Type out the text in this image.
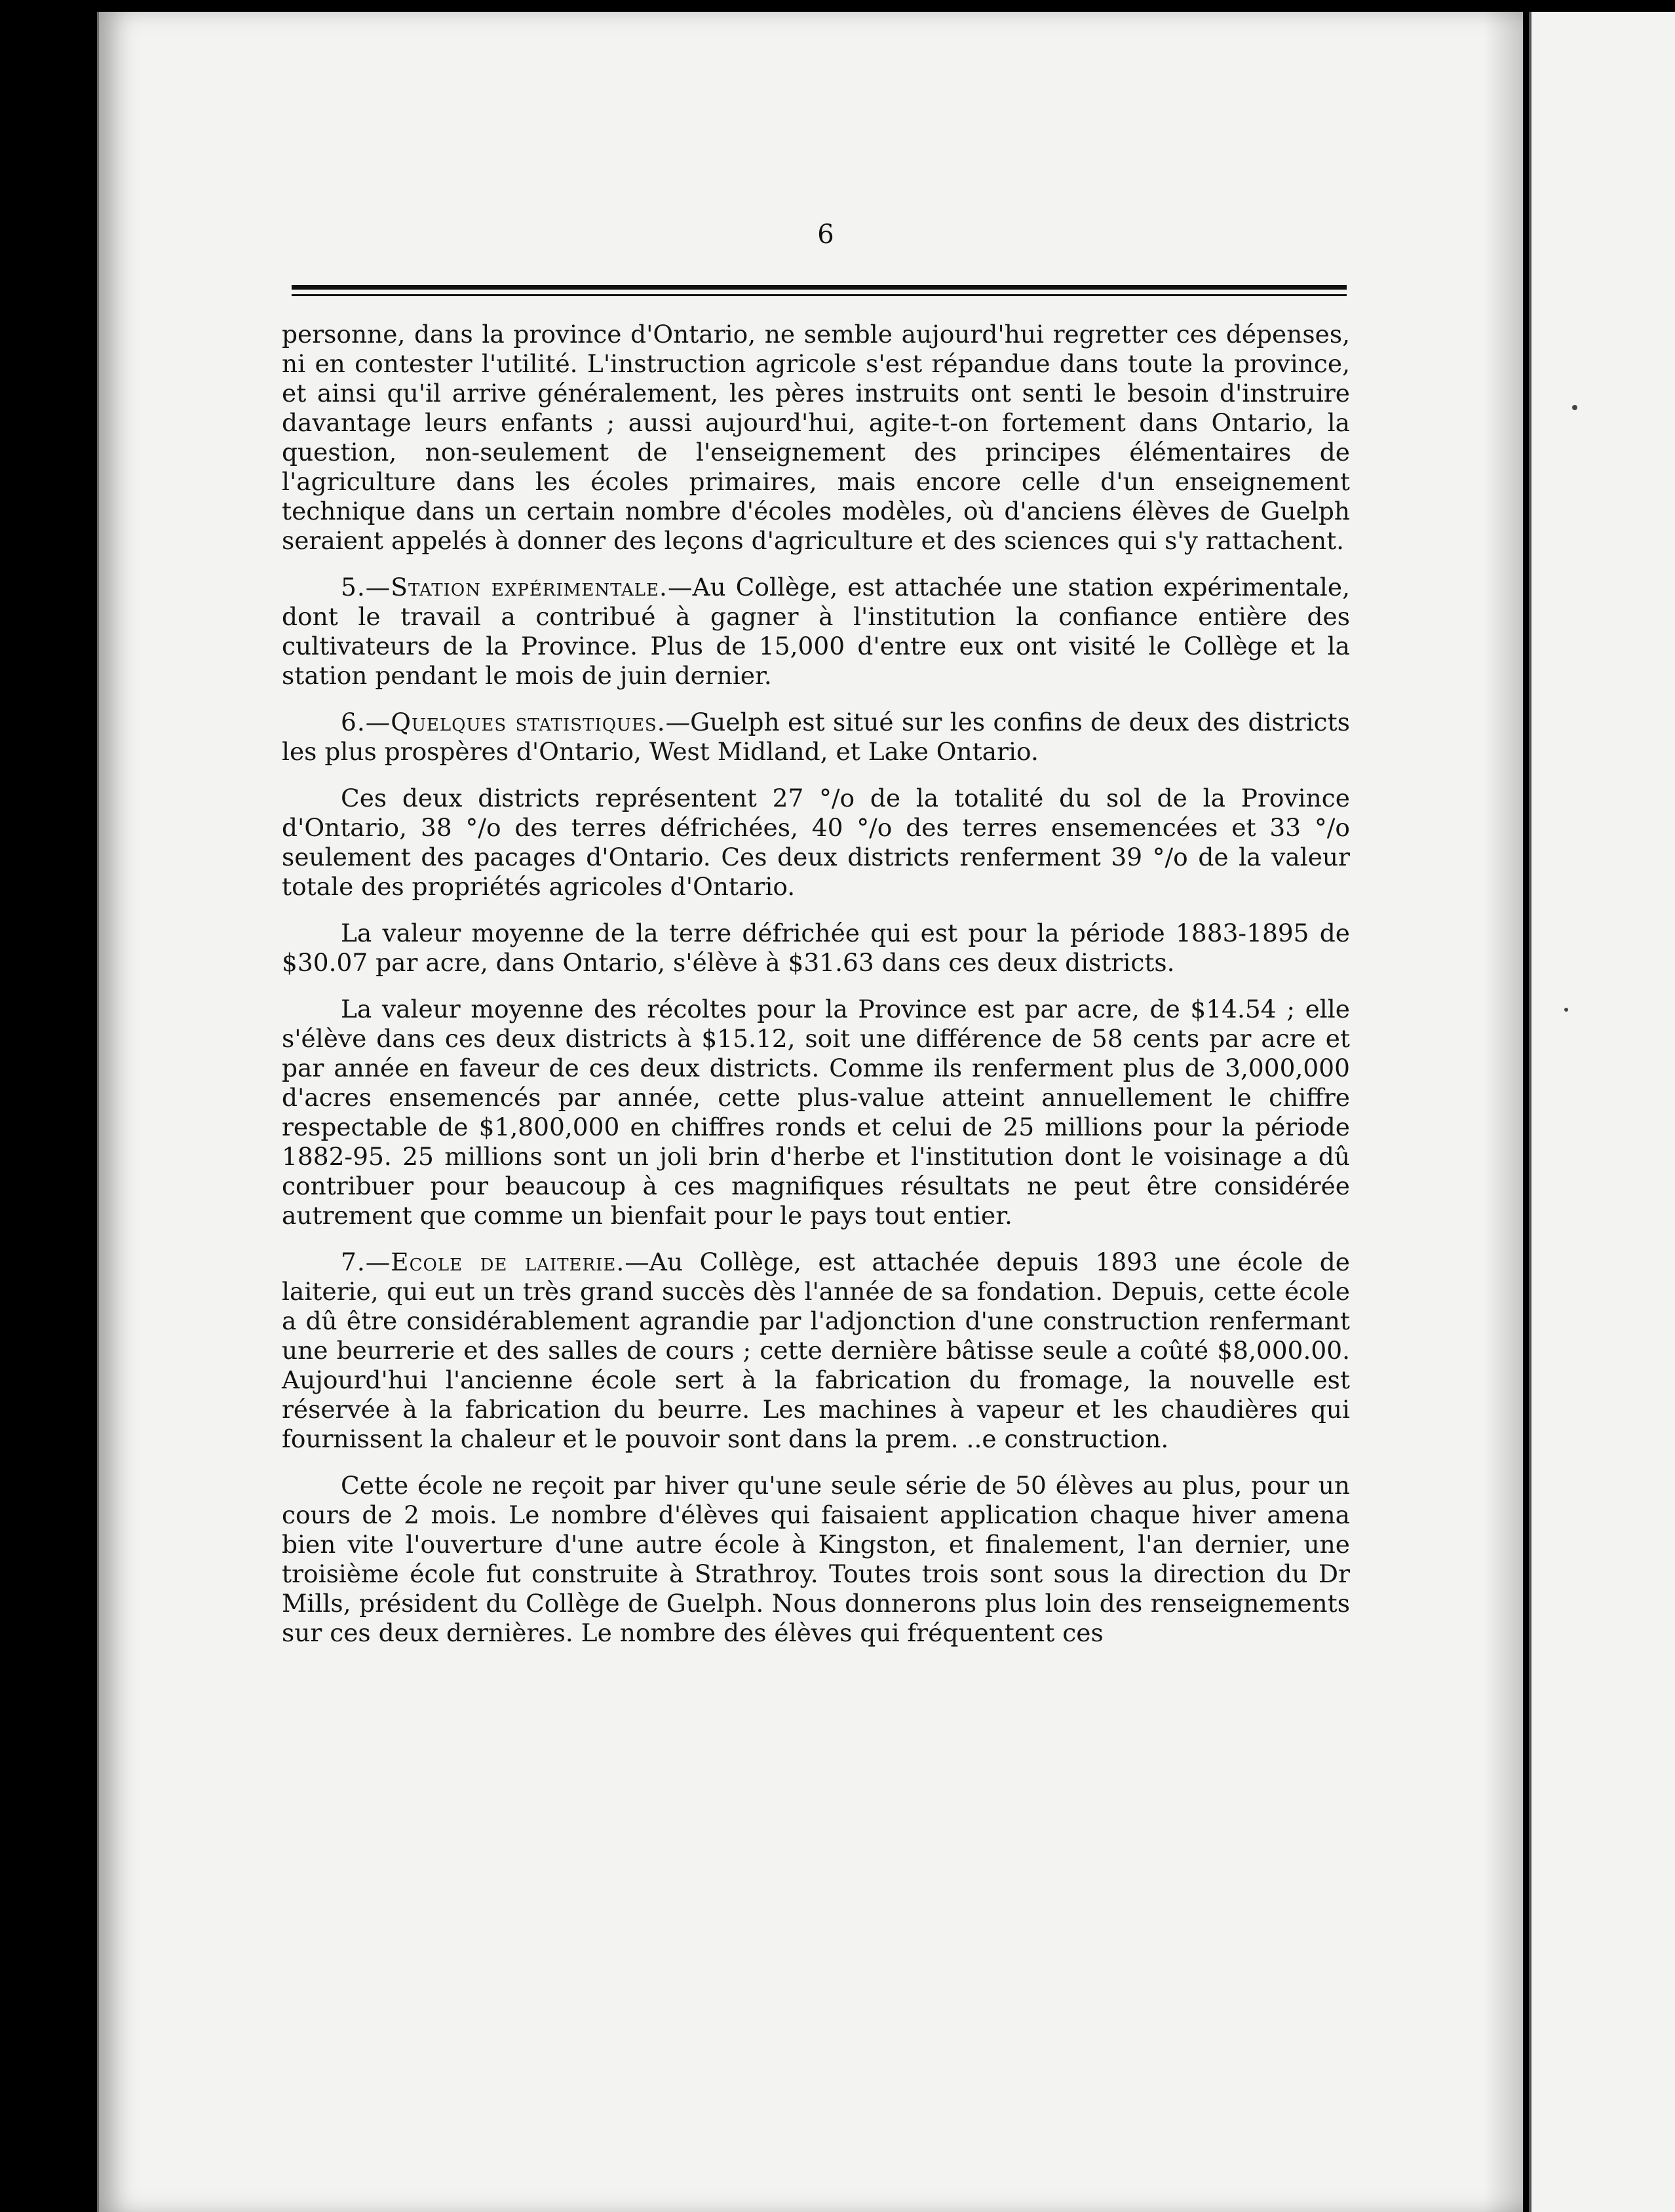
6

personne, dans la province d'Ontario, ne semble aujourd'hui regretter ces dépenses, ni en contester l'utilité. L'instruction agricole s'est répandue dans toute la province, et ainsi qu'il arrive généralement, les pères instruits ont senti le besoin d'instruire davantage leurs enfants ; aussi aujourd'hui, agite-t-on fortement dans Ontario, la question, non-seulement de l'enseignement des principes élémentaires de l'agriculture dans les écoles primaires, mais encore celle d'un enseignement technique dans un certain nombre d'écoles modèles, où d'anciens élèves de Guelph seraient appelés à donner des leçons d'agriculture et des sciences qui s'y rattachent.

5.—Station expérimentale.—Au Collège, est attachée une station expérimentale, dont le travail a contribué à gagner à l'institution la confiance entière des cultivateurs de la Province. Plus de 15,000 d'entre eux ont visité le Collège et la station pendant le mois de juin dernier.

6.—Quelques statistiques.—Guelph est situé sur les confins de deux des districts les plus prospères d'Ontario, West Midland, et Lake Ontario.

Ces deux districts représentent 27 °/o de la totalité du sol de la Province d'Ontario, 38 °/o des terres défrichées, 40 °/o des terres ensemencées et 33 °/o seulement des pacages d'Ontario. Ces deux districts renferment 39 °/o de la valeur totale des propriétés agricoles d'Ontario.

La valeur moyenne de la terre défrichée qui est pour la période 1883-1895 de $30.07 par acre, dans Ontario, s'élève à $31.63 dans ces deux districts.

La valeur moyenne des récoltes pour la Province est par acre, de $14.54 ; elle s'élève dans ces deux districts à $15.12, soit une différence de 58 cents par acre et par année en faveur de ces deux districts. Comme ils renferment plus de 3,000,000 d'acres ensemencés par année, cette plus-value atteint annuellement le chiffre respectable de $1,800,000 en chiffres ronds et celui de 25 millions pour la période 1882-95. 25 millions sont un joli brin d'herbe et l'institution dont le voisinage a dû contribuer pour beaucoup à ces magnifiques résultats ne peut être considérée autrement que comme un bienfait pour le pays tout entier.

7.—Ecole de laiterie.—Au Collège, est attachée depuis 1893 une école de laiterie, qui eut un très grand succès dès l'année de sa fondation. Depuis, cette école a dû être considérablement agrandie par l'adjonction d'une construction renfermant une beurrerie et des salles de cours ; cette dernière bâtisse seule a coûté $8,000.00. Aujourd'hui l'ancienne école sert à la fabrication du fromage, la nouvelle est réservée à la fabrication du beurre. Les machines à vapeur et les chaudières qui fournissent la chaleur et le pouvoir sont dans la prem. ..e construction.

Cette école ne reçoit par hiver qu'une seule série de 50 élèves au plus, pour un cours de 2 mois. Le nombre d'élèves qui faisaient application chaque hiver amena bien vite l'ouverture d'une autre école à Kingston, et finalement, l'an dernier, une troisième école fut construite à Strathroy. Toutes trois sont sous la direction du Dr Mills, président du Collège de Guelph. Nous donnerons plus loin des renseignements sur ces deux dernières. Le nombre des élèves qui fréquentent ces
